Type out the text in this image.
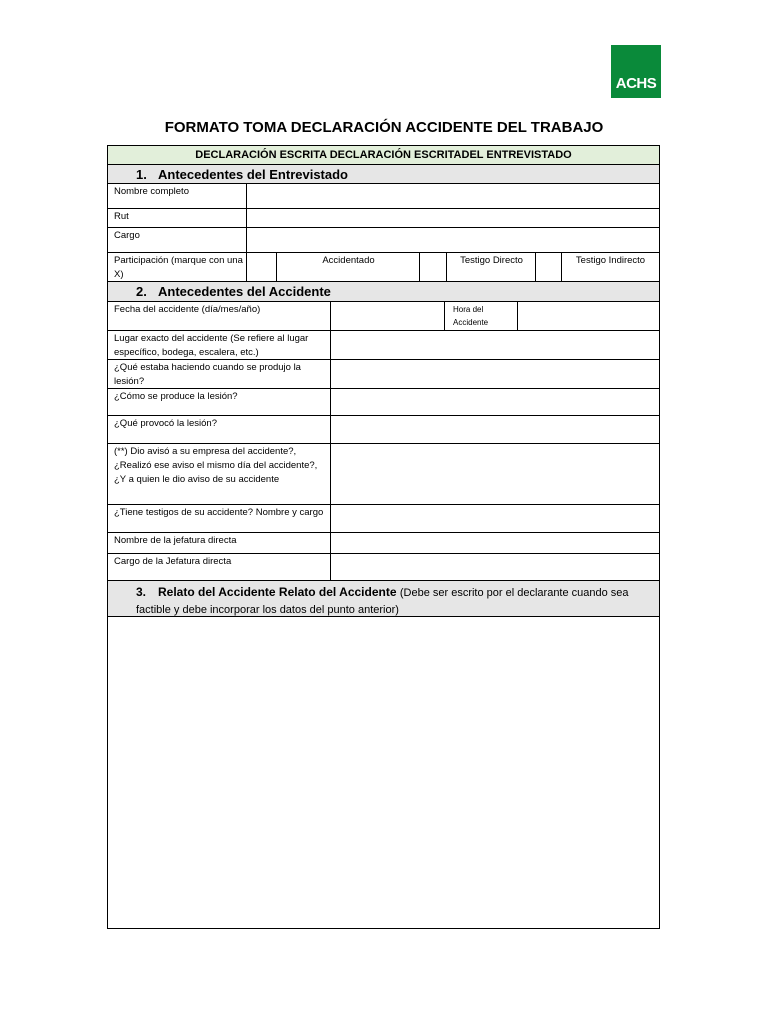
ACHS
FORMATO TOMA DECLARACIÓN ACCIDENTE DEL TRABAJO
DECLARACIÓN ESCRITA DECLARACIÓN ESCRITADEL ENTREVISTADO
1. Antecedentes del Entrevistado
Nombre completo
Rut
Cargo
Participación (marque con una X)
Accidentado	Testigo Directo	Testigo Indirecto
2. Antecedentes del Accidente
Fecha del accidente (día/mes/año)	Hora del Accidente
Lugar exacto del accidente (Se refiere al lugar específico, bodega, escalera, etc.)
¿Qué estaba haciendo cuando se produjo la lesión?
¿Cómo se produce la lesión?
¿Qué provocó la lesión?
(**) Dio avisó a su empresa del accidente?, ¿Realizó ese aviso el mismo día del accidente?, ¿Y a quien le dio aviso de su accidente
¿Tiene testigos de su accidente? Nombre y cargo
Nombre de la jefatura directa
Cargo de la Jefatura directa
3. Relato del Accidente Relato del Accidente (Debe ser escrito por el declarante cuando sea factible y debe incorporar los datos del punto anterior)
